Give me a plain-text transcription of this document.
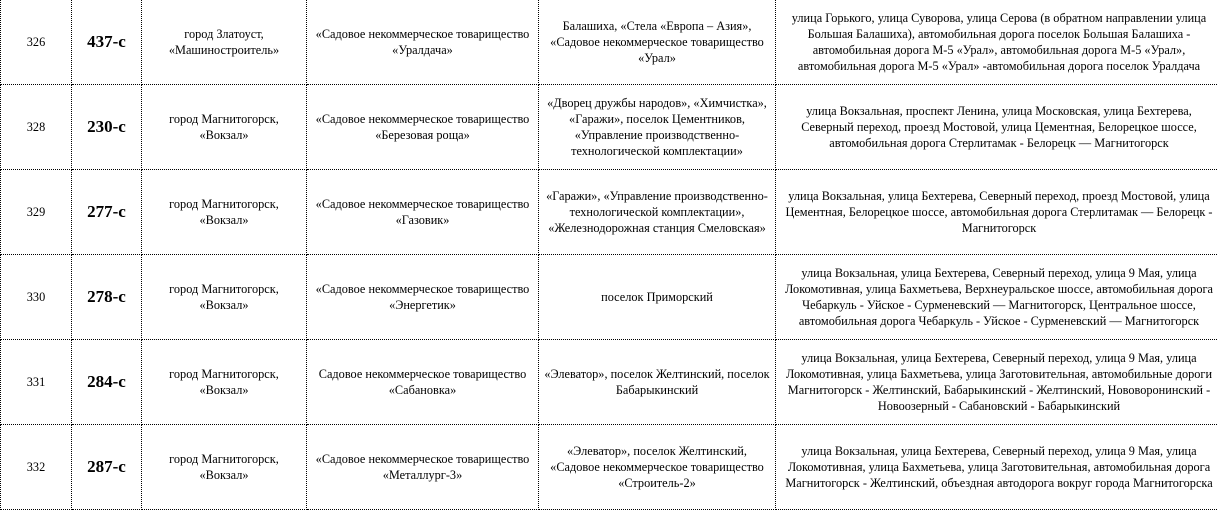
326	437-с	город Златоуст, «Машиностроитель»	«Садовое некоммерческое товарищество «Уралдача»	Балашиха, «Стела «Европа – Азия», «Садовое некоммерческое товарищество «Урал»	улица Горького, улица Суворова, улица Серова (в обратном направлении улица Большая Балашиха), автомобильная дорога поселок Большая Балашиха - автомобильная дорога М-5 «Урал», автомобильная дорога М-5 «Урал», автомобильная дорога М-5 «Урал» -автомобильная дорога поселок Уралдача
328	230-с	город Магнитогорск, «Вокзал»	«Садовое некоммерческое товарищество «Березовая роща»	«Дворец дружбы народов», «Химчистка», «Гаражи», поселок Цементников, «Управление производственно-технологической комплектации»	улица Вокзальная, проспект Ленина, улица Московская, улица Бехтерева, Северный переход, проезд Мостовой, улица Цементная, Белорецкое шоссе, автомобильная дорога Стерлитамак - Белорецк — Магнитогорск
329	277-с	город Магнитогорск, «Вокзал»	«Садовое некоммерческое товарищество «Газовик»	«Гаражи», «Управление производственно-технологической комплектации», «Железнодорожная станция Смеловская»	улица Вокзальная, улица Бехтерева, Северный переход, проезд Мостовой, улица Цементная, Белорецкое шоссе, автомобильная дорога Стерлитамак — Белорецк - Магнитогорск
330	278-с	город Магнитогорск, «Вокзал»	«Садовое некоммерческое товарищество «Энергетик»	поселок Приморский	улица Вокзальная, улица Бехтерева, Северный переход, улица 9 Мая, улица Локомотивная, улица Бахметьева, Верхнеуральское шоссе, автомобильная дорога Чебаркуль - Уйское - Сурменевский — Магнитогорск, Центральное шоссе, автомобильная дорога Чебаркуль - Уйское - Сурменевский — Магнитогорск
331	284-с	город Магнитогорск, «Вокзал»	Садовое некоммерческое товарищество «Сабановка»	«Элеватор», поселок Желтинский, поселок Бабарыкинский	улица Вокзальная, улица Бехтерева, Северный переход, улица 9 Мая, улица Локомотивная, улица Бахметьева, улица Заготовительная, автомобильные дороги Магнитогорск - Желтинский, Бабарыкинский - Желтинский, Нововоронинский - Новоозерный - Сабановский - Бабарыкинский
332	287-с	город Магнитогорск, «Вокзал»	«Садовое некоммерческое товарищество «Металлург-3»	«Элеватор», поселок Желтинский, «Садовое некоммерческое товарищество «Строитель-2»	улица Вокзальная, улица Бехтерева, Северный переход, улица 9 Мая, улица Локомотивная, улица Бахметьева, улица Заготовительная, автомобильная дорога Магнитогорск - Желтинский, объездная автодорога вокруг города Магнитогорска
